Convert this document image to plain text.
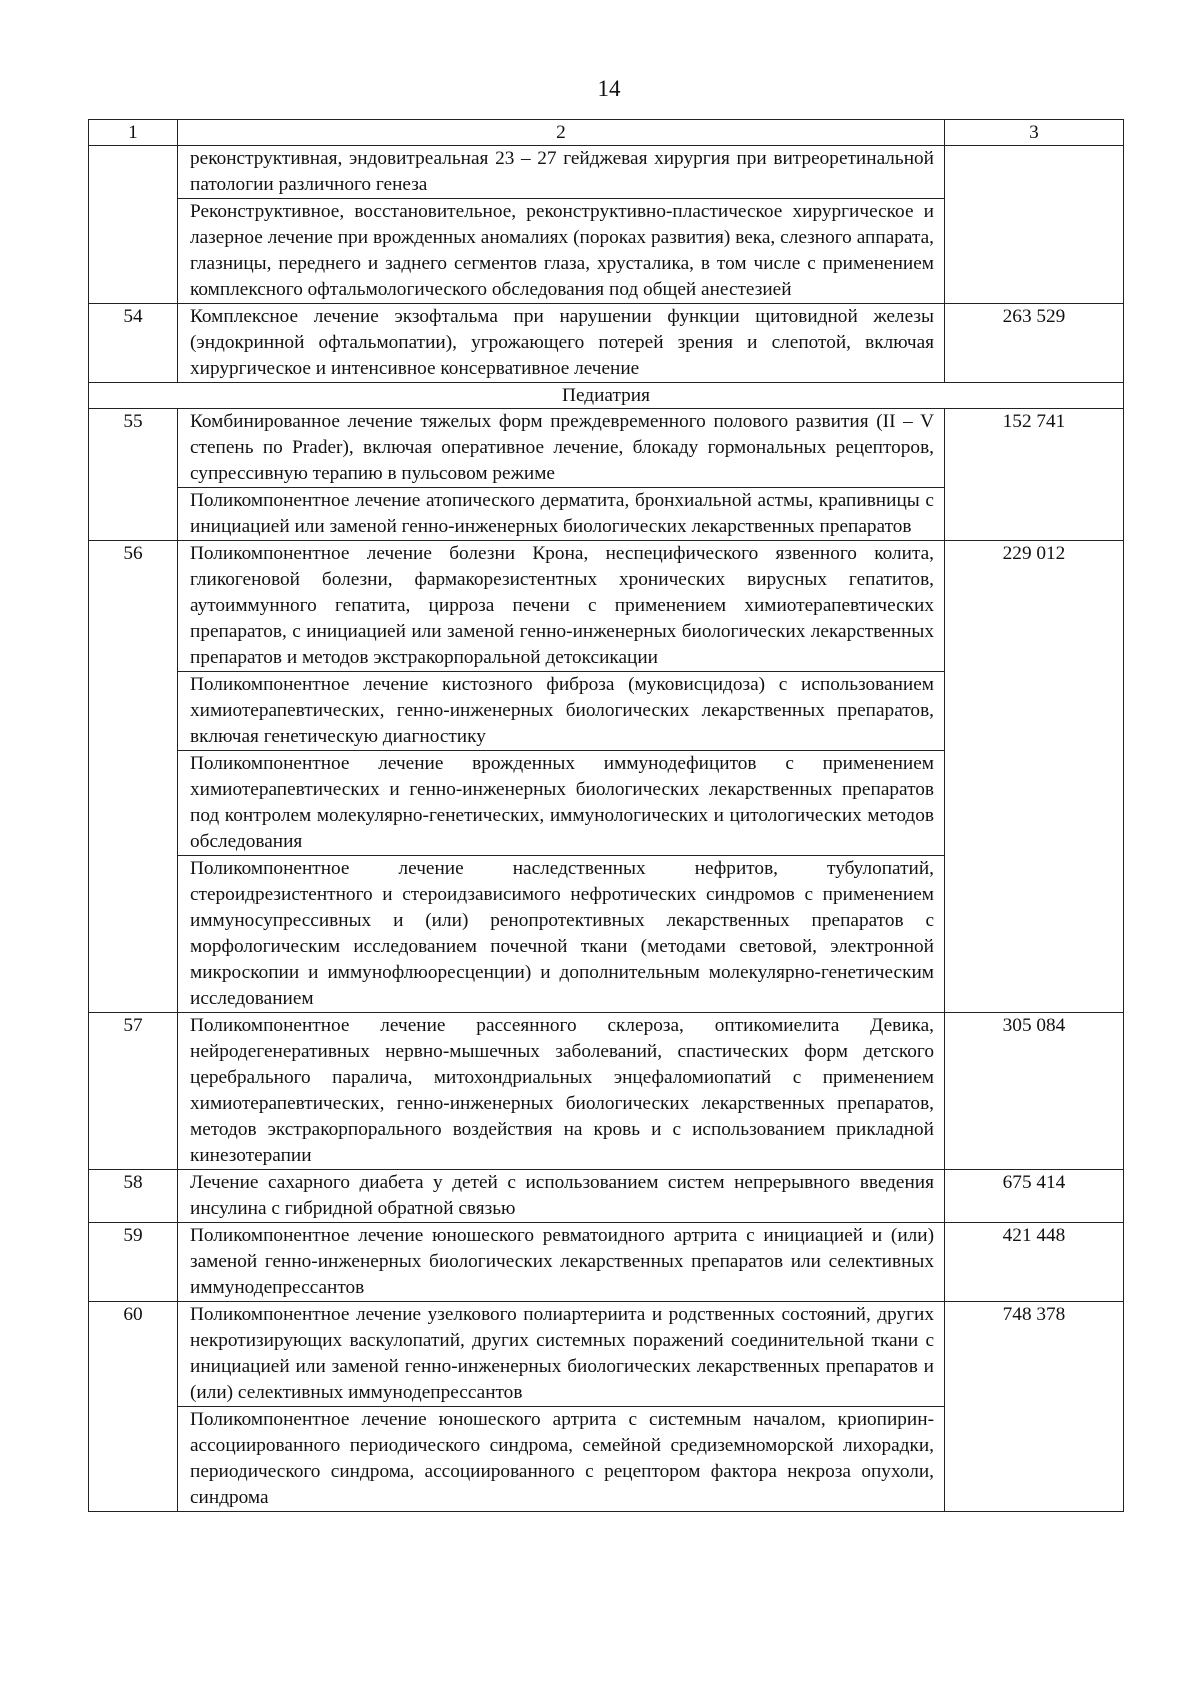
14
1	2	3

	реконструктивная, эндовитреальная 23 – 27 гейджевая хирургия при витреоретинальной патологии различного генеза
Реконструктивное, восстановительное, реконструктивно-пластическое хирургическое и лазерное лечение при врожденных аномалиях (пороках развития) века, слезного аппарата, глазницы, переднего и заднего сегментов глаза, хрусталика, в том числе с применением комплексного офтальмологического обследования под общей анестезией	

54	Комплексное лечение экзофтальма при нарушении функции щитовидной железы (эндокринной офтальмопатии), угрожающего потерей зрения и слепотой, включая хирургическое и интенсивное консервативное лечение	263 529

Педиатрия		

55	Комбинированное лечение тяжелых форм преждевременного полового развития (II – V степень по Prader), включая оперативное лечение, блокаду гормональных рецепторов, супрессивную терапию в пульсовом режиме
Поликомпонентное лечение атопического дерматита, бронхиальной астмы, крапивницы с инициацией или заменой генно-инженерных биологических лекарственных препаратов	152 741

56	Поликомпонентное лечение болезни Крона, неспецифического язвенного колита, гликогеновой болезни, фармакорезистентных хронических вирусных гепатитов, аутоиммунного гепатита, цирроза печени с применением химиотерапевтических препаратов, с инициацией или заменой генно-инженерных биологических лекарственных препаратов и методов экстракорпоральной детоксикации
Поликомпонентное лечение кистозного фиброза (муковисцидоза) с использованием химиотерапевтических, генно-инженерных биологических лекарственных препаратов, включая генетическую диагностику
Поликомпонентное лечение врожденных иммунодефицитов с применением химиотерапевтических и генно-инженерных биологических лекарственных препаратов под контролем молекулярно-генетических, иммунологических и цитологических методов обследования
Поликомпонентное лечение наследственных нефритов, тубулопатий, стероидрезистентного и стероидзависимого нефротических синдромов с применением иммуносупрессивных и (или) ренопротективных лекарственных препаратов с морфологическим исследованием почечной ткани (методами световой, электронной микроскопии и иммунофлюоресценции) и дополнительным молекулярно-генетическим исследованием	229 012

57	Поликомпонентное лечение рассеянного склероза, оптикомиелита Девика, нейродегенеративных нервно-мышечных заболеваний, спастических форм детского церебрального паралича, митохондриальных энцефаломиопатий с применением химиотерапевтических, генно-инженерных биологических лекарственных препаратов, методов экстракорпорального воздействия на кровь и с использованием прикладной кинезотерапии	305 084

58	Лечение сахарного диабета у детей с использованием систем непрерывного введения инсулина с гибридной обратной связью	675 414

59	Поликомпонентное лечение юношеского ревматоидного артрита с инициацией и (или) заменой генно-инженерных биологических лекарственных препаратов или селективных иммунодепрессантов	421 448

60	Поликомпонентное лечение узелкового полиартериита и родственных состояний, других некротизирующих васкулопатий, других системных поражений соединительной ткани с инициацией или заменой генно-инженерных биологических лекарственных препаратов и (или) селективных иммунодепрессантов
Поликомпонентное лечение юношеского артрита с системным началом, криопирин-ассоциированного периодического синдрома, семейной средиземноморской лихорадки, периодического синдрома, ассоциированного с рецептором фактора некроза опухоли, синдрома	748 378
